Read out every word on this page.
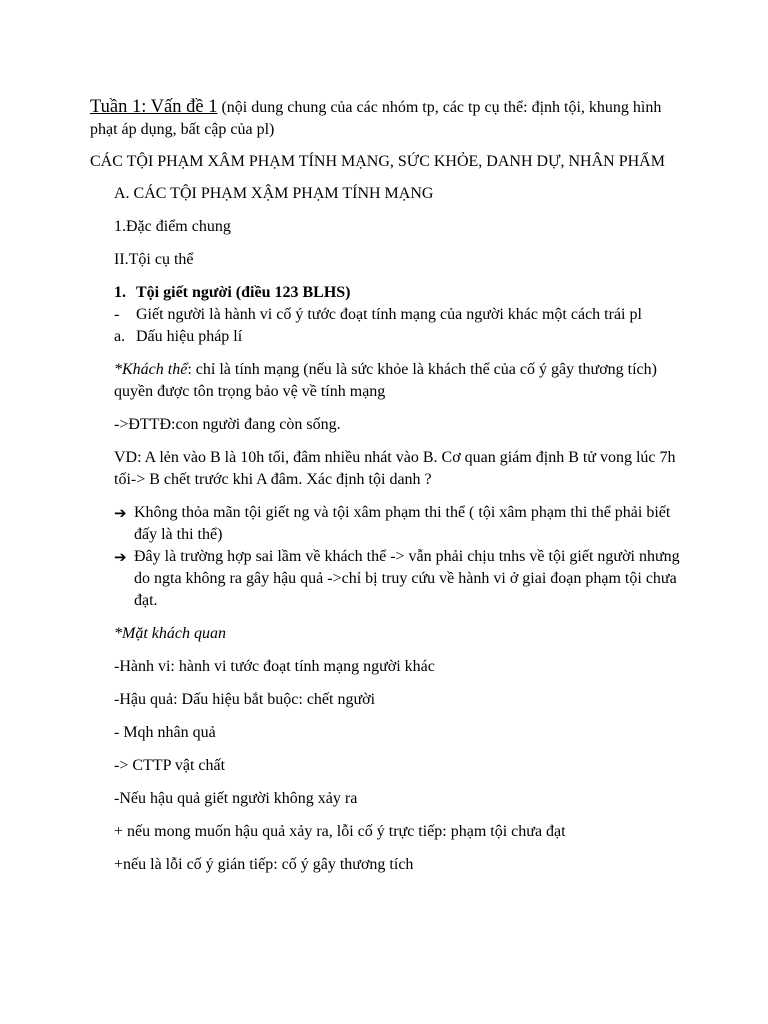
Tuần 1: Vấn đề 1 (nội dung chung của các nhóm tp, các tp cụ thể: định tội, khung hình phạt áp dụng, bất cập của pl)

CÁC TỘI PHẠM XÂM PHẠM TÍNH MẠNG, SỨC KHỎE, DANH DỰ, NHÂN PHẨM

A. CÁC TỘI PHẠM XẬM PHẠM TÍNH MẠNG

1.Đặc điểm chung

II.Tội cụ thể

1. Tội giết người (điều 123 BLHS)
-	Giết người là hành vi cố ý tước đoạt tính mạng của người khác một cách trái pl
a. Dấu hiệu pháp lí

*Khách thể: chỉ là tính mạng (nếu là sức khỏe là khách thể của cố ý gây thương tích) quyền được tôn trọng bảo vệ về tính mạng

->ĐTTĐ:con người đang còn sống.

VD: A lẻn vào B là 10h tối, đâm nhiều nhát vào B. Cơ quan giám định B tử vong lúc 7h tối-> B chết trước khi A đâm. Xác định tội danh ?

➔ Không thỏa mãn tội giết ng và tội xâm phạm thi thể ( tội xâm phạm thi thể phải biết đấy là thi thể)
➔ Đây là trường hợp sai lầm về khách thể -> vẫn phải chịu tnhs về tội giết người nhưng do ngta không ra gây hậu quả ->chỉ bị truy cứu về hành vi ở giai đoạn phạm tội chưa đạt.

*Mặt khách quan

-Hành vi: hành vi tước đoạt tính mạng người khác

-Hậu quả: Dấu hiệu bắt buộc: chết người

- Mqh nhân quả

-> CTTP vật chất

-Nếu hậu quả giết người không xảy ra

+ nếu mong muốn hậu quả xảy ra, lỗi cố ý trực tiếp: phạm tội chưa đạt

+nếu là lỗi cố ý gián tiếp: cố ý gây thương tích
